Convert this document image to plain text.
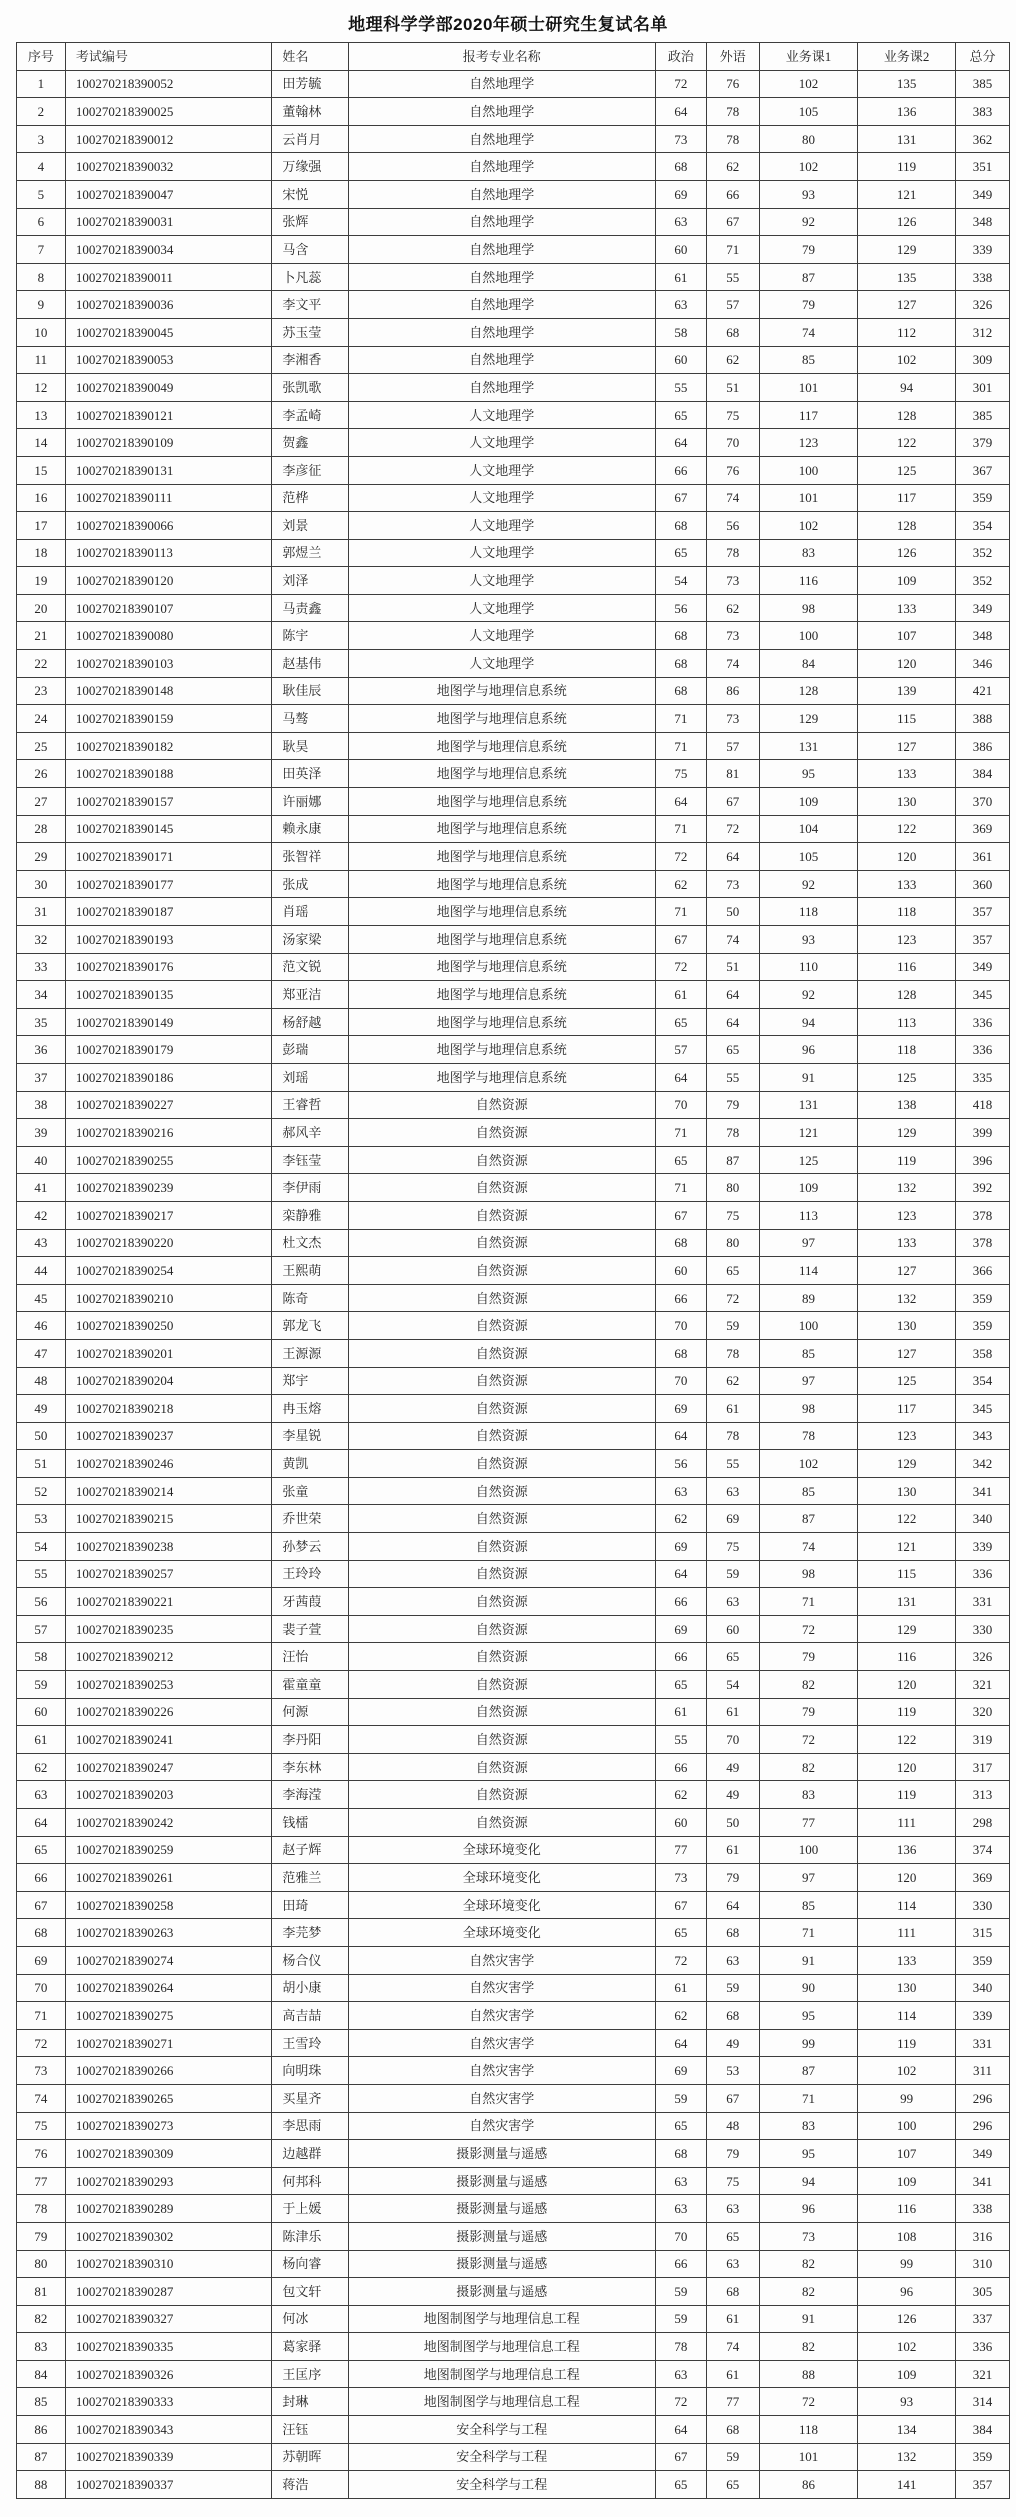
地理科学学部2020年硕士研究生复试名单
序号	考试编号	姓名	报考专业名称	政治	外语	业务课1	业务课2	总分
1	100270218390052	田芳毓	自然地理学	72	76	102	135	385
2	100270218390025	董翰林	自然地理学	64	78	105	136	383
3	100270218390012	云肖月	自然地理学	73	78	80	131	362
4	100270218390032	万缘强	自然地理学	68	62	102	119	351
5	100270218390047	宋悦	自然地理学	69	66	93	121	349
6	100270218390031	张辉	自然地理学	63	67	92	126	348
7	100270218390034	马含	自然地理学	60	71	79	129	339
8	100270218390011	卜凡蕊	自然地理学	61	55	87	135	338
9	100270218390036	李文平	自然地理学	63	57	79	127	326
10	100270218390045	苏玉莹	自然地理学	58	68	74	112	312
11	100270218390053	李湘香	自然地理学	60	62	85	102	309
12	100270218390049	张凯歌	自然地理学	55	51	101	94	301
13	100270218390121	李孟崎	人文地理学	65	75	117	128	385
14	100270218390109	贺鑫	人文地理学	64	70	123	122	379
15	100270218390131	李彦征	人文地理学	66	76	100	125	367
16	100270218390111	范桦	人文地理学	67	74	101	117	359
17	100270218390066	刘景	人文地理学	68	56	102	128	354
18	100270218390113	郭煜兰	人文地理学	65	78	83	126	352
19	100270218390120	刘泽	人文地理学	54	73	116	109	352
20	100270218390107	马责鑫	人文地理学	56	62	98	133	349
21	100270218390080	陈宇	人文地理学	68	73	100	107	348
22	100270218390103	赵基伟	人文地理学	68	74	84	120	346
23	100270218390148	耿佳辰	地图学与地理信息系统	68	86	128	139	421
24	100270218390159	马骜	地图学与地理信息系统	71	73	129	115	388
25	100270218390182	耿昊	地图学与地理信息系统	71	57	131	127	386
26	100270218390188	田英泽	地图学与地理信息系统	75	81	95	133	384
27	100270218390157	许丽娜	地图学与地理信息系统	64	67	109	130	370
28	100270218390145	赖永康	地图学与地理信息系统	71	72	104	122	369
29	100270218390171	张智祥	地图学与地理信息系统	72	64	105	120	361
30	100270218390177	张成	地图学与地理信息系统	62	73	92	133	360
31	100270218390187	肖瑶	地图学与地理信息系统	71	50	118	118	357
32	100270218390193	汤家梁	地图学与地理信息系统	67	74	93	123	357
33	100270218390176	范文锐	地图学与地理信息系统	72	51	110	116	349
34	100270218390135	郑亚洁	地图学与地理信息系统	61	64	92	128	345
35	100270218390149	杨舒越	地图学与地理信息系统	65	64	94	113	336
36	100270218390179	彭瑞	地图学与地理信息系统	57	65	96	118	336
37	100270218390186	刘瑶	地图学与地理信息系统	64	55	91	125	335
38	100270218390227	王睿哲	自然资源	70	79	131	138	418
39	100270218390216	郝风辛	自然资源	71	78	121	129	399
40	100270218390255	李钰莹	自然资源	65	87	125	119	396
41	100270218390239	李伊雨	自然资源	71	80	109	132	392
42	100270218390217	栾静雅	自然资源	67	75	113	123	378
43	100270218390220	杜文杰	自然资源	68	80	97	133	378
44	100270218390254	王熙萌	自然资源	60	65	114	127	366
45	100270218390210	陈奇	自然资源	66	72	89	132	359
46	100270218390250	郭龙飞	自然资源	70	59	100	130	359
47	100270218390201	王源源	自然资源	68	78	85	127	358
48	100270218390204	郑宇	自然资源	70	62	97	125	354
49	100270218390218	冉玉熔	自然资源	69	61	98	117	345
50	100270218390237	李星锐	自然资源	64	78	78	123	343
51	100270218390246	黄凯	自然资源	56	55	102	129	342
52	100270218390214	张童	自然资源	63	63	85	130	341
53	100270218390215	乔世荣	自然资源	62	69	87	122	340
54	100270218390238	孙梦云	自然资源	69	75	74	121	339
55	100270218390257	王玲玲	自然资源	64	59	98	115	336
56	100270218390221	牙茜葭	自然资源	66	63	71	131	331
57	100270218390235	裴子萱	自然资源	69	60	72	129	330
58	100270218390212	汪怡	自然资源	66	65	79	116	326
59	100270218390253	霍童童	自然资源	65	54	82	120	321
60	100270218390226	何源	自然资源	61	61	79	119	320
61	100270218390241	李丹阳	自然资源	55	70	72	122	319
62	100270218390247	李东林	自然资源	66	49	82	120	317
63	100270218390203	李海滢	自然资源	62	49	83	119	313
64	100270218390242	钱檑	自然资源	60	50	77	111	298
65	100270218390259	赵子辉	全球环境变化	77	61	100	136	374
66	100270218390261	范雅兰	全球环境变化	73	79	97	120	369
67	100270218390258	田琦	全球环境变化	67	64	85	114	330
68	100270218390263	李芫梦	全球环境变化	65	68	71	111	315
69	100270218390274	杨合仪	自然灾害学	72	63	91	133	359
70	100270218390264	胡小康	自然灾害学	61	59	90	130	340
71	100270218390275	高吉喆	自然灾害学	62	68	95	114	339
72	100270218390271	王雪玲	自然灾害学	64	49	99	119	331
73	100270218390266	向明珠	自然灾害学	69	53	87	102	311
74	100270218390265	买星齐	自然灾害学	59	67	71	99	296
75	100270218390273	李思雨	自然灾害学	65	48	83	100	296
76	100270218390309	边越群	摄影测量与遥感	68	79	95	107	349
77	100270218390293	何邦科	摄影测量与遥感	63	75	94	109	341
78	100270218390289	于上媛	摄影测量与遥感	63	63	96	116	338
79	100270218390302	陈津乐	摄影测量与遥感	70	65	73	108	316
80	100270218390310	杨向睿	摄影测量与遥感	66	63	82	99	310
81	100270218390287	包文轩	摄影测量与遥感	59	68	82	96	305
82	100270218390327	何冰	地图制图学与地理信息工程	59	61	91	126	337
83	100270218390335	葛家驿	地图制图学与地理信息工程	78	74	82	102	336
84	100270218390326	王匡序	地图制图学与地理信息工程	63	61	88	109	321
85	100270218390333	封琳	地图制图学与地理信息工程	72	77	72	93	314
86	100270218390343	汪钰	安全科学与工程	64	68	118	134	384
87	100270218390339	苏朝晖	安全科学与工程	67	59	101	132	359
88	100270218390337	蒋浩	安全科学与工程	65	65	86	141	357
